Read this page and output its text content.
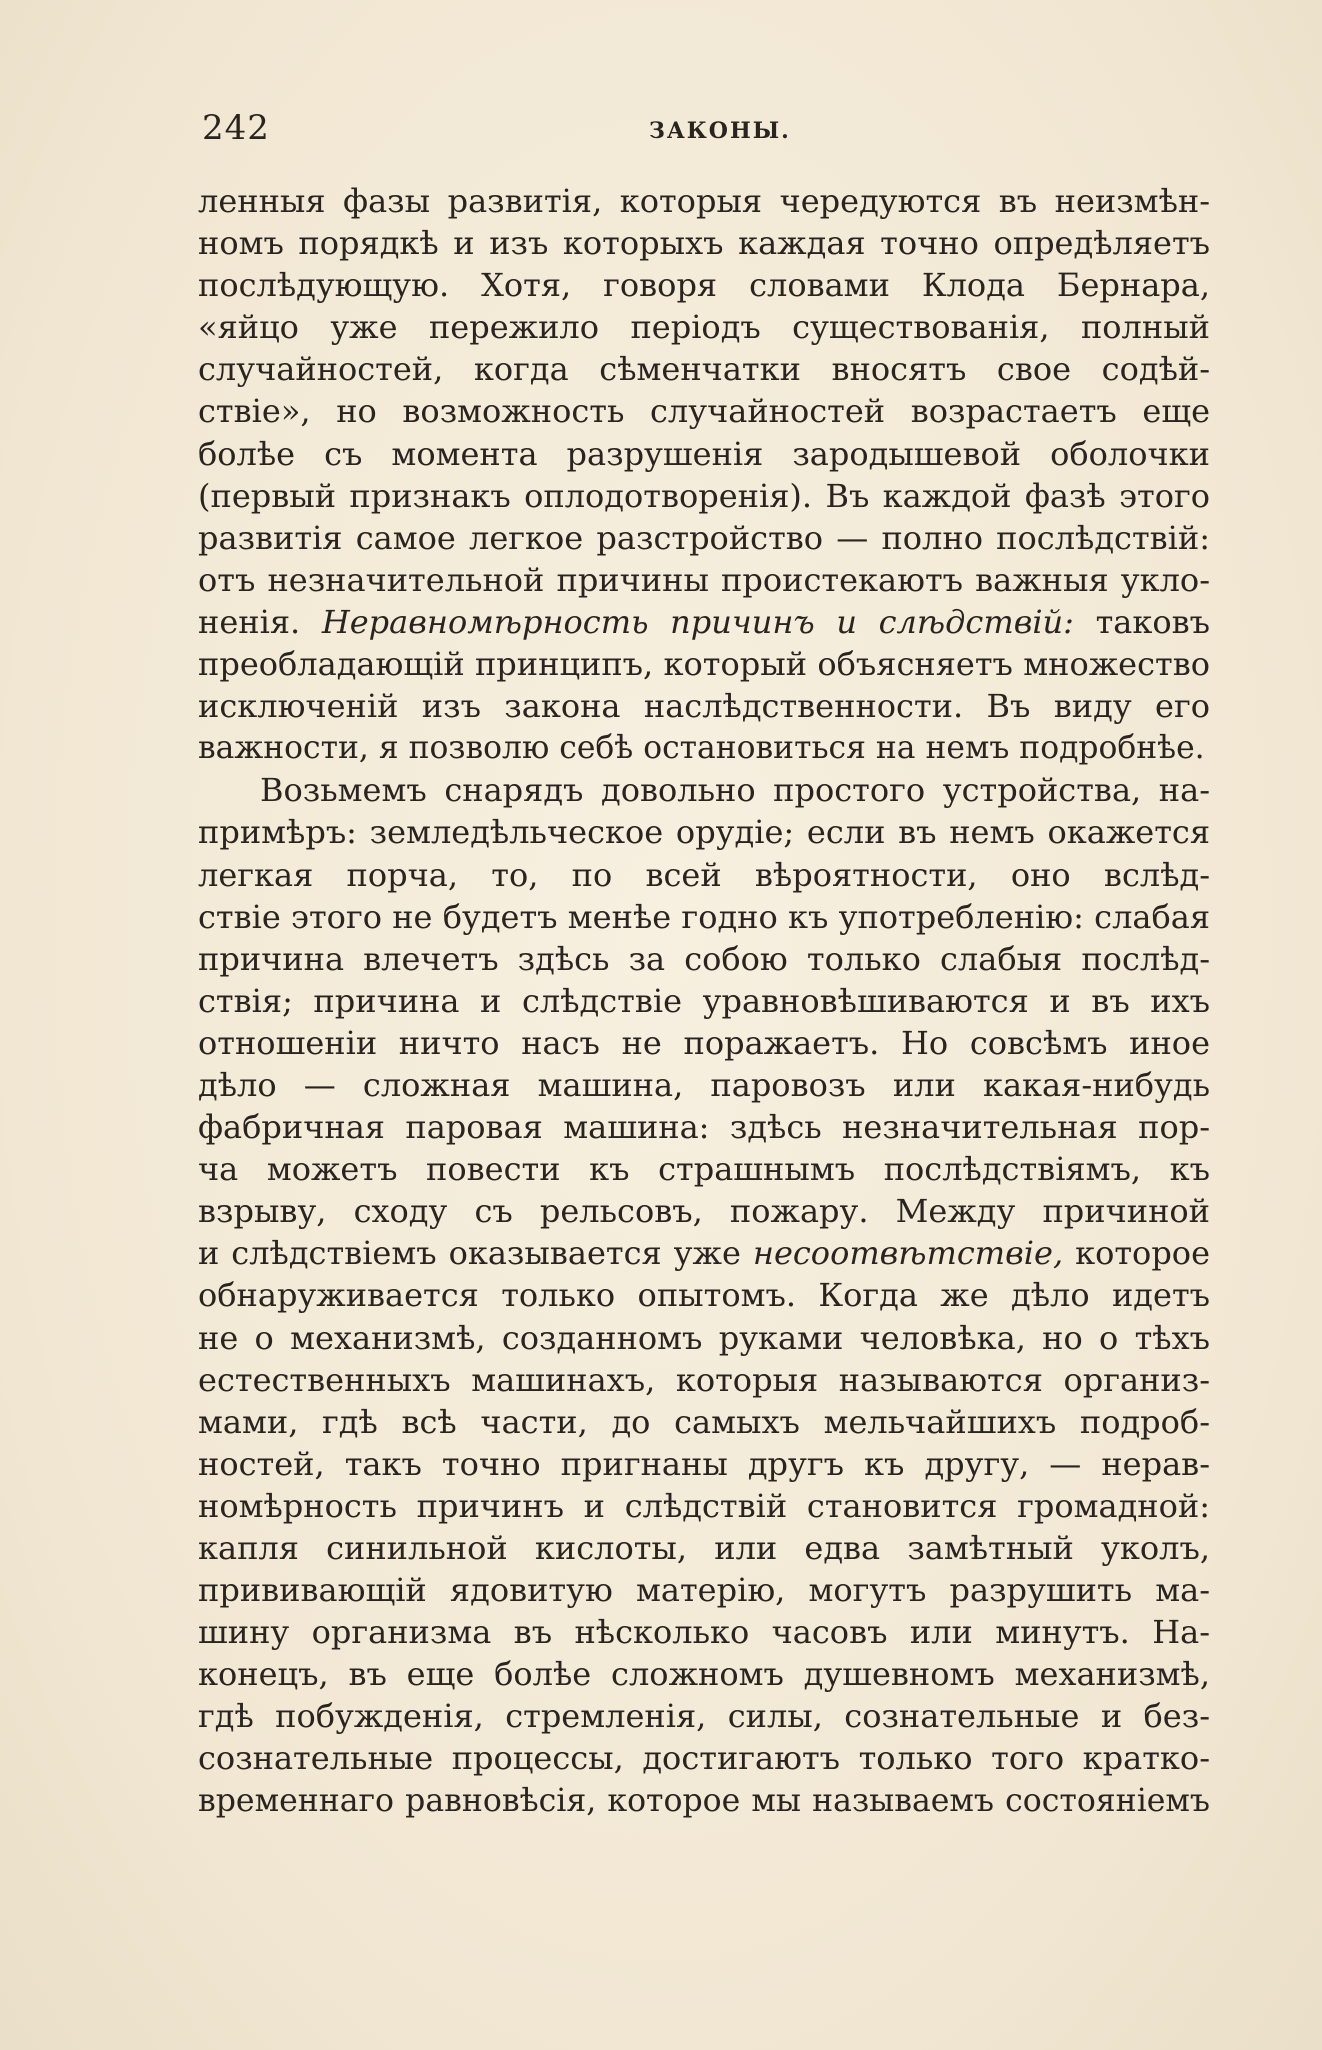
242	ЗАКОНЫ.
ленныя фазы развитія, которыя чередуются въ неизмѣн-
номъ порядкѣ и изъ которыхъ каждая точно опредѣляетъ
послѣдующую. Хотя, говоря словами Клода Бернара,
«яйцо уже пережило періодъ существованія, полный
случайностей, когда сѣменчатки вносятъ свое содѣй-
ствіе», но возможность случайностей возрастаетъ еще
болѣе съ момента разрушенія зародышевой оболочки
(первый признакъ оплодотворенія). Въ каждой фазѣ этого
развитія самое легкое разстройство — полно послѣдствій:
отъ незначительной причины проистекаютъ важныя укло-
ненія. Неравномѣрность причинъ и слѣдствій: таковъ
преобладающій принципъ, который объясняетъ множество
исключеній изъ закона наслѣдственности. Въ виду его
важности, я позволю себѣ остановиться на немъ подробнѣе.
Возьмемъ снарядъ довольно простого устройства, на-
примѣръ: земледѣльческое орудіе; если въ немъ окажется
легкая порча, то, по всей вѣроятности, оно вслѣд-
ствіе этого не будетъ менѣе годно къ употребленію: слабая
причина влечетъ здѣсь за собою только слабыя послѣд-
ствія; причина и слѣдствіе уравновѣшиваются и въ ихъ
отношеніи ничто насъ не поражаетъ. Но совсѣмъ иное
дѣло — сложная машина, паровозъ или какая-нибудь
фабричная паровая машина: здѣсь незначительная пор-
ча можетъ повести къ страшнымъ послѣдствіямъ, къ
взрыву, сходу съ рельсовъ, пожару. Между причиной
и слѣдствіемъ оказывается уже несоотвѣтствіе, которое
обнаруживается только опытомъ. Когда же дѣло идетъ
не о механизмѣ, созданномъ руками человѣка, но о тѣхъ
естественныхъ машинахъ, которыя называются организ-
мами, гдѣ всѣ части, до самыхъ мельчайшихъ подроб-
ностей, такъ точно пригнаны другъ къ другу, — нерав-
номѣрность причинъ и слѣдствій становится громадной:
капля синильной кислоты, или едва замѣтный уколъ,
прививающій ядовитую матерію, могутъ разрушить ма-
шину организма въ нѣсколько часовъ или минутъ. На-
конецъ, въ еще болѣе сложномъ душевномъ механизмѣ,
гдѣ побужденія, стремленія, силы, сознательные и без-
сознательные процессы, достигаютъ только того кратко-
временнаго равновѣсія, которое мы называемъ состояніемъ
